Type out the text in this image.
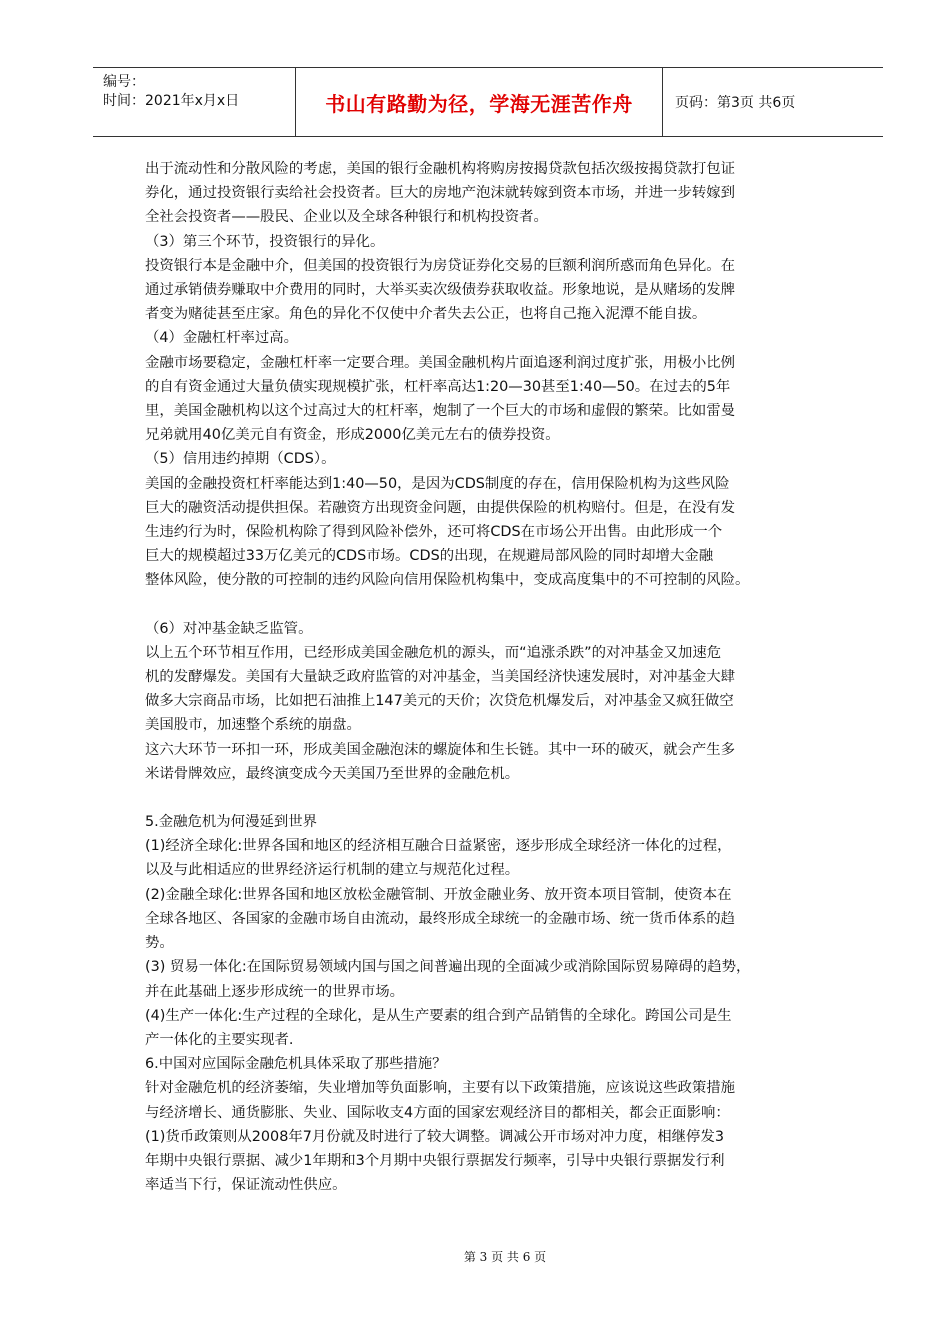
编号：
时间：2021年x月x日	书山有路勤为径，学海无涯苦作舟	页码：第3页 共6页

出于流动性和分散风险的考虑，美国的银行金融机构将购房按揭贷款包括次级按揭贷款打包证

券化，通过投资银行卖给社会投资者。巨大的房地产泡沫就转嫁到资本市场，并进一步转嫁到

全社会投资者——股民、企业以及全球各种银行和机构投资者。

（3）第三个环节，投资银行的异化。

投资银行本是金融中介，但美国的投资银行为房贷证券化交易的巨额利润所惑而角色异化。在

通过承销债券赚取中介费用的同时，大举买卖次级债券获取收益。形象地说，是从赌场的发牌

者变为赌徒甚至庄家。角色的异化不仅使中介者失去公正，也将自己拖入泥潭不能自拔。

（4）金融杠杆率过高。

金融市场要稳定，金融杠杆率一定要合理。美国金融机构片面追逐利润过度扩张，用极小比例

的自有资金通过大量负债实现规模扩张，杠杆率高达1:20—30甚至1:40—50。在过去的5年

里，美国金融机构以这个过高过大的杠杆率，炮制了一个巨大的市场和虚假的繁荣。比如雷曼

兄弟就用40亿美元自有资金，形成2000亿美元左右的债券投资。

（5）信用违约掉期（CDS）。

美国的金融投资杠杆率能达到1:40—50，是因为CDS制度的存在，信用保险机构为这些风险

巨大的融资活动提供担保。若融资方出现资金问题，由提供保险的机构赔付。但是，在没有发

生违约行为时，保险机构除了得到风险补偿外，还可将CDS在市场公开出售。由此形成一个

巨大的规模超过33万亿美元的CDS市场。CDS的出现，在规避局部风险的同时却增大金融

整体风险，使分散的可控制的违约风险向信用保险机构集中，变成高度集中的不可控制的风险。

（6）对冲基金缺乏监管。

以上五个环节相互作用，已经形成美国金融危机的源头，而“追涨杀跌”的对冲基金又加速危

机的发酵爆发。美国有大量缺乏政府监管的对冲基金，当美国经济快速发展时，对冲基金大肆

做多大宗商品市场，比如把石油推上147美元的天价；次贷危机爆发后，对冲基金又疯狂做空

美国股市，加速整个系统的崩盘。

这六大环节一环扣一环，形成美国金融泡沫的螺旋体和生长链。其中一环的破灭，就会产生多

米诺骨牌效应，最终演变成今天美国乃至世界的金融危机。

5.金融危机为何漫延到世界

(1)经济全球化:世界各国和地区的经济相互融合日益紧密，逐步形成全球经济一体化的过程，

以及与此相适应的世界经济运行机制的建立与规范化过程。

(2)金融全球化:世界各国和地区放松金融管制、开放金融业务、放开资本项目管制，使资本在

全球各地区、各国家的金融市场自由流动，最终形成全球统一的金融市场、统一货币体系的趋

势。

(3) 贸易一体化:在国际贸易领域内国与国之间普遍出现的全面减少或消除国际贸易障碍的趋势，

并在此基础上逐步形成统一的世界市场。

(4)生产一体化:生产过程的全球化，是从生产要素的组合到产品销售的全球化。跨国公司是生

产一体化的主要实现者.

6.中国对应国际金融危机具体采取了那些措施？

针对金融危机的经济萎缩，失业增加等负面影响，主要有以下政策措施，应该说这些政策措施

与经济增长、通货膨胀、失业、国际收支4方面的国家宏观经济目的都相关，都会正面影响：

(1)货币政策则从2008年7月份就及时进行了较大调整。调减公开市场对冲力度，相继停发3

年期中央银行票据、减少1年期和3个月期中央银行票据发行频率，引导中央银行票据发行利

率适当下行，保证流动性供应。

第 3 页 共 6 页
